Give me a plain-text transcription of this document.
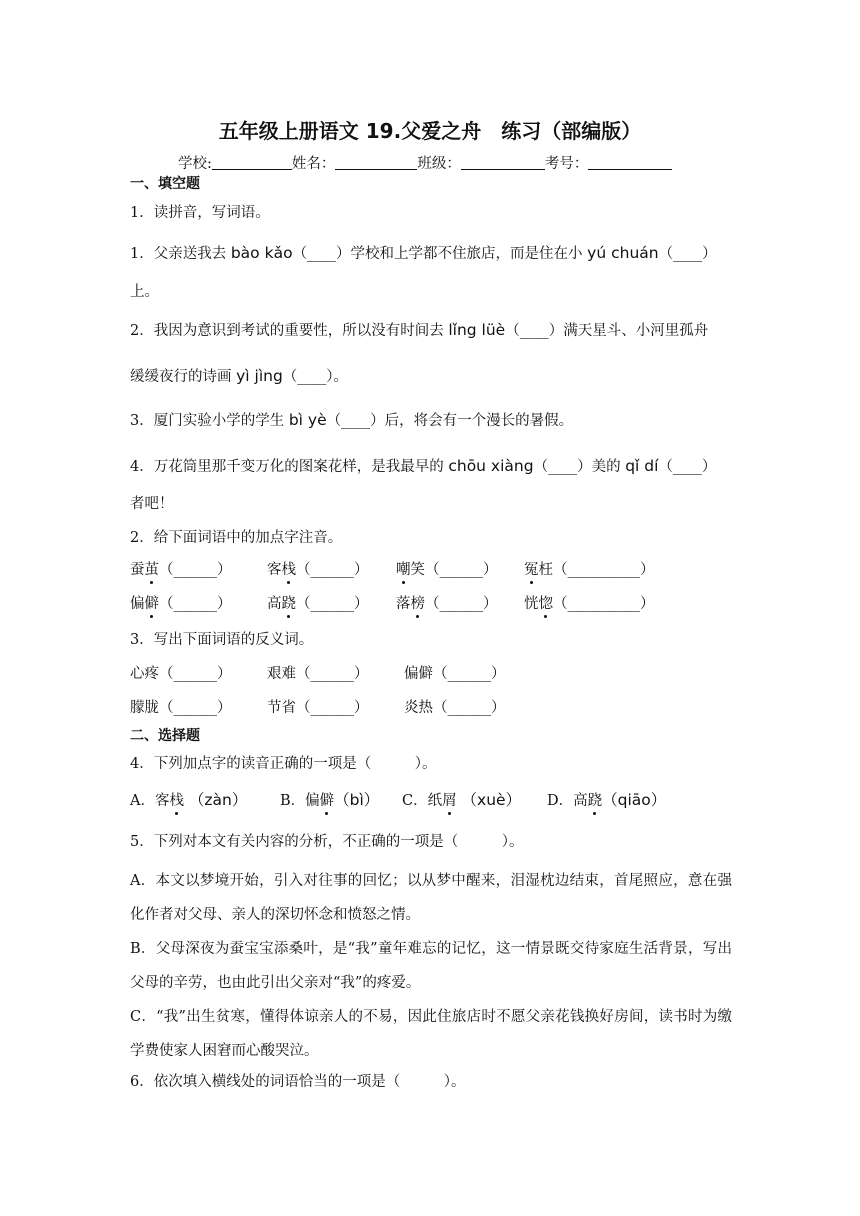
五年级上册语文 19.父爱之舟　练习（部编版）
学校:	姓名：	班级：	考号：
一、填空题
1．读拼音，写词语。
1．父亲送我去 bào kǎo（____）学校和上学都不住旅店，而是住在小 yú chuán（____）
上。
2．我因为意识到考试的重要性，所以没有时间去 lǐng lüè（____）满天星斗、小河里孤舟
缓缓夜行的诗画 yì jìng（____）。
3．厦门实验小学的学生 bì yè（____）后，将会有一个漫长的暑假。
4．万花筒里那千变万化的图案花样，是我最早的 chōu xiàng（____）美的 qǐ dí（____）
者吧！
2．给下面词语中的加点字注音。
蚕茧（______） 客栈（______） 嘲笑（______） 冤枉（__________）
偏僻（______） 高跷（______） 落榜（______） 恍惚（__________）
3．写出下面词语的反义词。
心疼（______） 艰难（______） 偏僻（______）
朦胧（______） 节省（______） 炎热（______）
二、选择题
4．下列加点字的读音正确的一项是（　　　）。
A．客栈 （zàn） B．偏僻（bì） C．纸屑 （xuè） D．高跷（qiāo）
5．下列对本文有关内容的分析，不正确的一项是（　　　）。
A．本文以梦境开始，引入对往事的回忆；以从梦中醒来，泪湿枕边结束，首尾照应，意在强化作者对父母、亲人的深切怀念和愤怒之情。
B．父母深夜为蚕宝宝添桑叶，是“我”童年难忘的记忆，这一情景既交待家庭生活背景，写出父母的辛劳，也由此引出父亲对“我”的疼爱。
C．“我”出生贫寒，懂得体谅亲人的不易，因此住旅店时不愿父亲花钱换好房间，读书时为缴学费使家人困窘而心酸哭泣。
6．依次填入横线处的词语恰当的一项是（　　　）。
